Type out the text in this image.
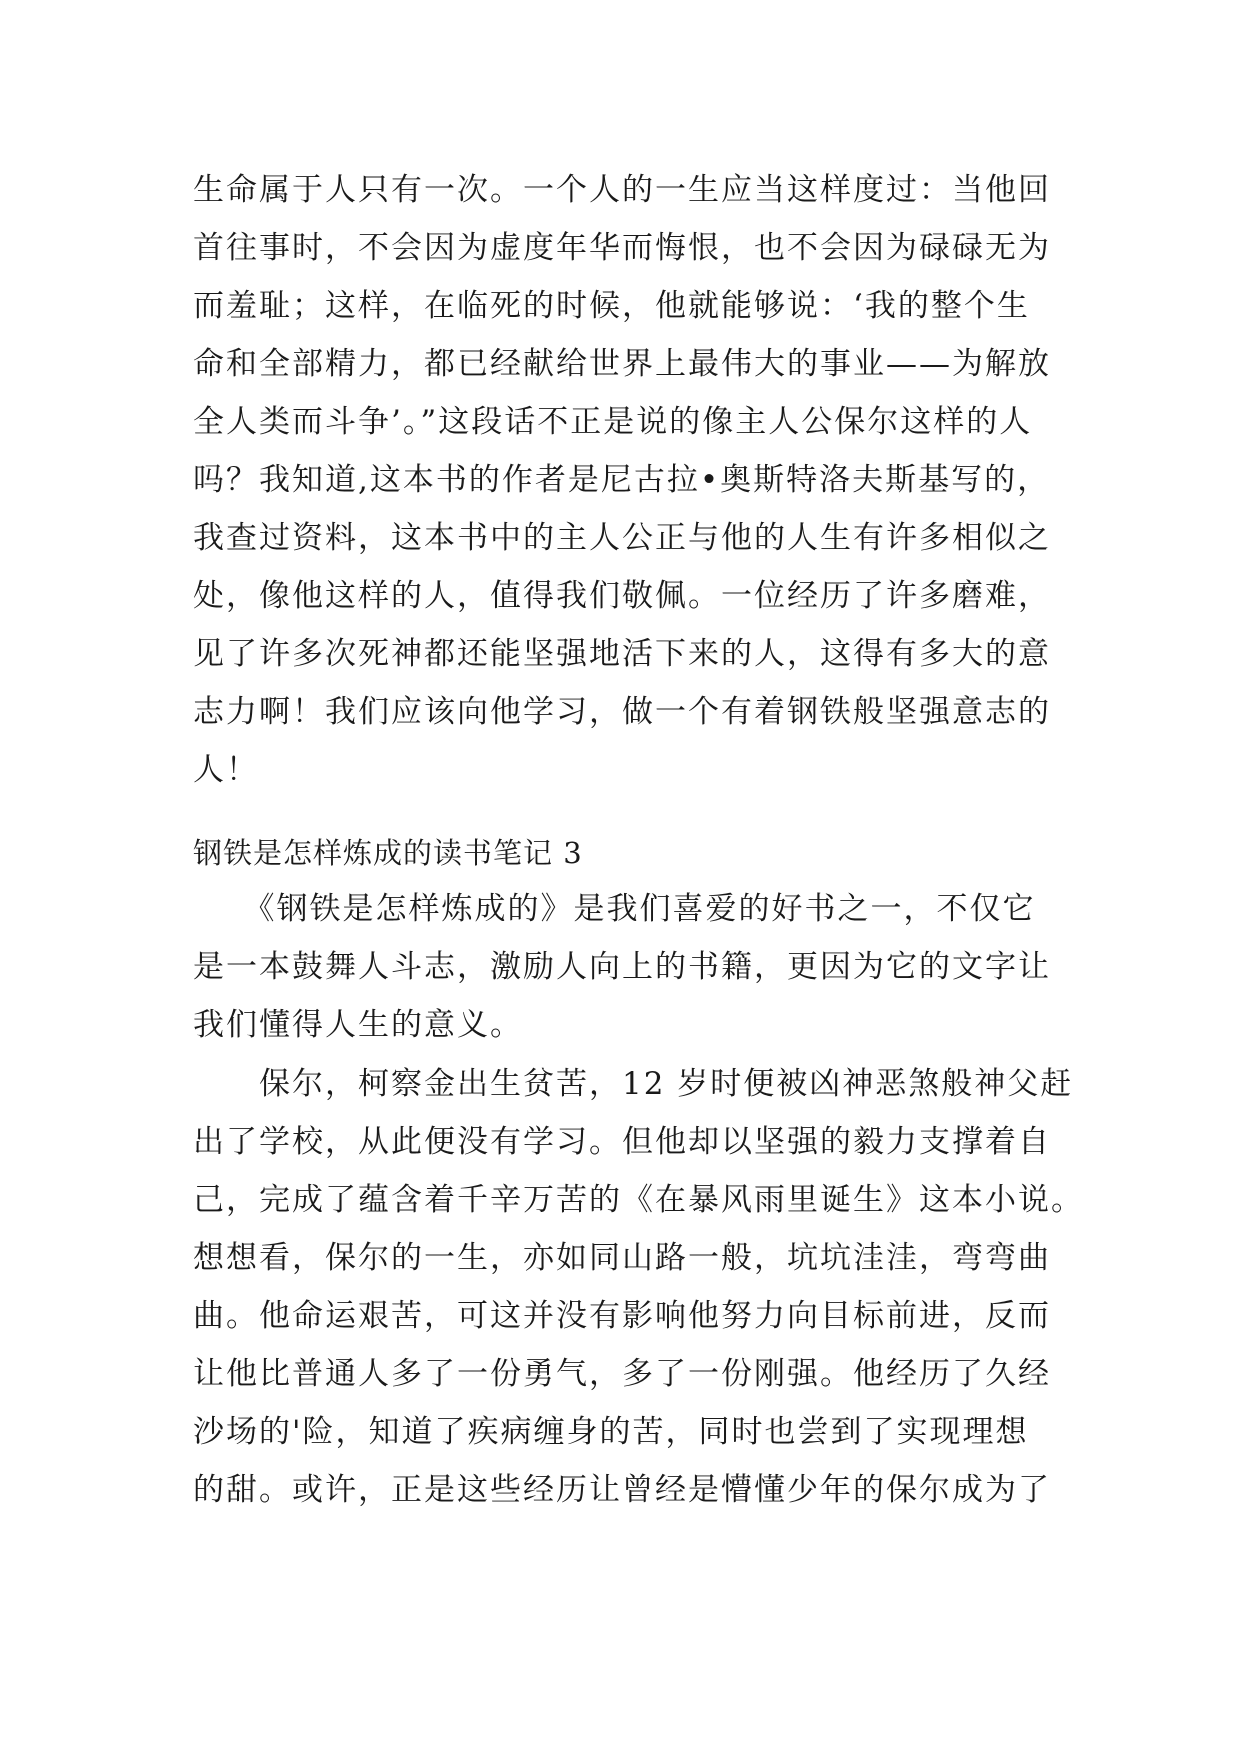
生命属于人只有一次。一个人的一生应当这样度过：当他回
首往事时，不会因为虚度年华而悔恨，也不会因为碌碌无为
而羞耻；这样，在临死的时候，他就能够说：‘我的整个生
命和全部精力，都已经献给世界上最伟大的事业——为解放
全人类而斗争’。”这段话不正是说的像主人公保尔这样的人
吗？我知道,这本书的作者是尼古拉•奥斯特洛夫斯基写的，
我查过资料，这本书中的主人公正与他的人生有许多相似之
处，像他这样的人，值得我们敬佩。一位经历了许多磨难，
见了许多次死神都还能坚强地活下来的人，这得有多大的意
志力啊！我们应该向他学习，做一个有着钢铁般坚强意志的
人！
钢铁是怎样炼成的读书笔记 3
　　《钢铁是怎样炼成的》是我们喜爱的好书之一，不仅它
是一本鼓舞人斗志，激励人向上的书籍，更因为它的文字让
我们懂得人生的意义。
　　保尔，柯察金出生贫苦，12 岁时便被凶神恶煞般神父赶
出了学校，从此便没有学习。但他却以坚强的毅力支撑着自
己，完成了蕴含着千辛万苦的《在暴风雨里诞生》这本小说。
想想看，保尔的一生，亦如同山路一般，坑坑洼洼，弯弯曲
曲。他命运艰苦，可这并没有影响他努力向目标前进，反而
让他比普通人多了一份勇气，多了一份刚强。他经历了久经
沙场的'险，知道了疾病缠身的苦，同时也尝到了实现理想
的甜。或许，正是这些经历让曾经是懵懂少年的保尔成为了
